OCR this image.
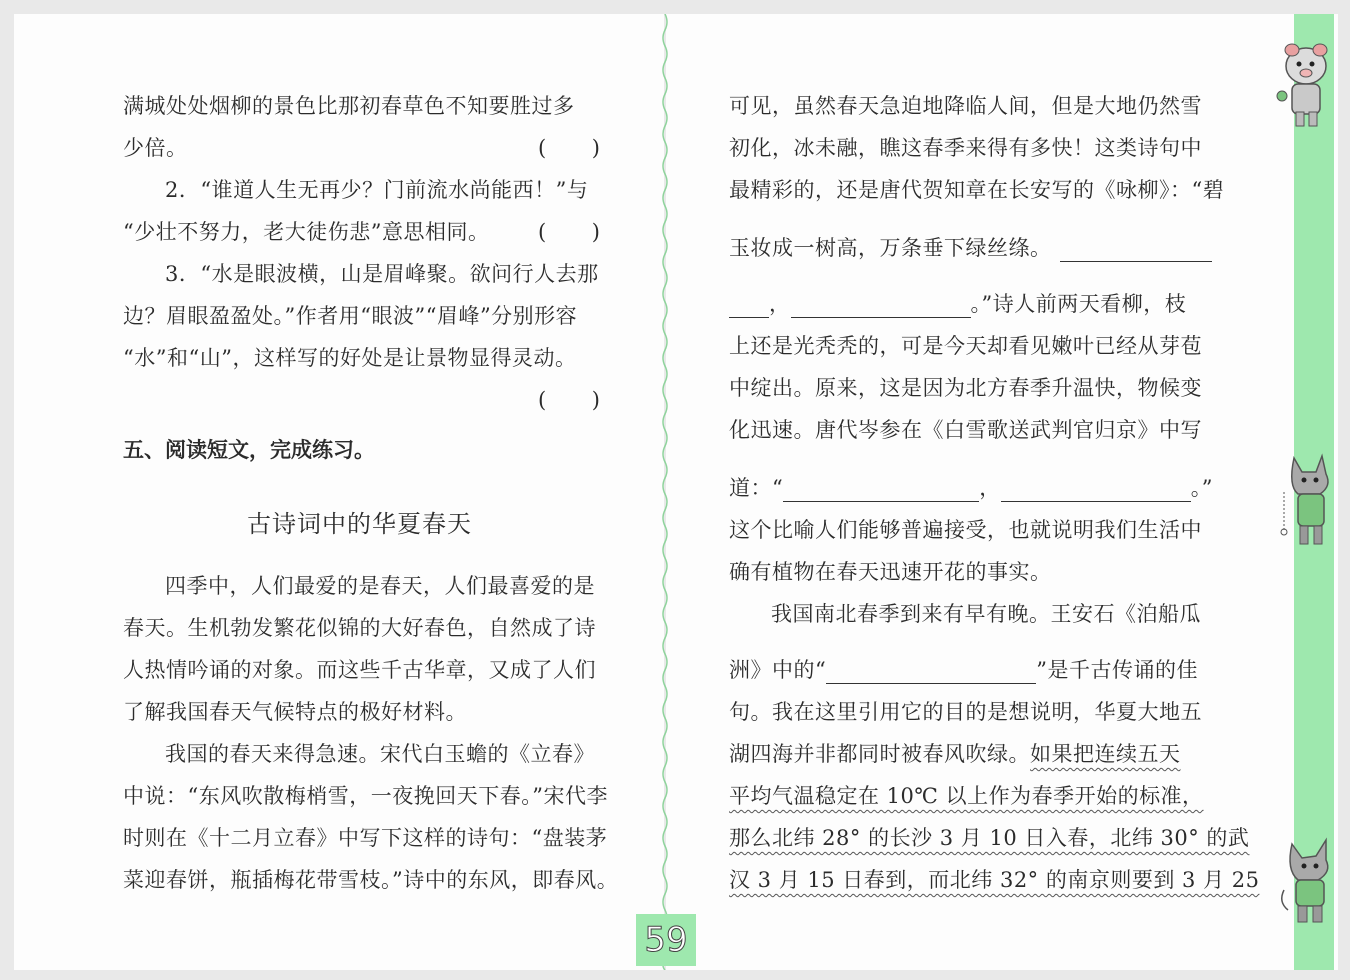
满城处处烟柳的景色比那初春草色不知要胜过多
少倍。	( )
2．“谁道人生无再少？门前流水尚能西！”与
“少壮不努力，老大徒伤悲”意思相同。	( )
3．“水是眼波横，山是眉峰聚。欲问行人去那
边？眉眼盈盈处。”作者用“眼波”“眉峰”分别形容
“水”和“山”，这样写的好处是让景物显得灵动。
( )
五、阅读短文，完成练习。
古诗词中的华夏春天
四季中，人们最爱的是春天，人们最喜爱的是
春天。生机勃发繁花似锦的大好春色，自然成了诗
人热情吟诵的对象。而这些千古华章，又成了人们
了解我国春天气候特点的极好材料。
我国的春天来得急速。宋代白玉蟾的《立春》
中说：“东风吹散梅梢雪，一夜挽回天下春。”宋代李
时则在《十二月立春》中写下这样的诗句：“盘装茅
菜迎春饼，瓶插梅花带雪枝。”诗中的东风，即春风。
可见，虽然春天急迫地降临人间，但是大地仍然雪
初化，冰未融，瞧这春季来得有多快！这类诗句中
最精彩的，还是唐代贺知章在长安写的《咏柳》：“碧
玉妆成一树高，万条垂下绿丝绦。
，	。”诗人前两天看柳，枝
上还是光秃秃的，可是今天却看见嫩叶已经从芽苞
中绽出。原来，这是因为北方春季升温快，物候变
化迅速。唐代岑参在《白雪歌送武判官归京》中写
道：“	，	。”
这个比喻人们能够普遍接受，也就说明我们生活中
确有植物在春天迅速开花的事实。
我国南北春季到来有早有晚。王安石《泊船瓜
洲》中的“	”是千古传诵的佳
句。我在这里引用它的目的是想说明，华夏大地五
湖四海并非都同时被春风吹绿。如果把连续五天
平均气温稳定在 10℃ 以上作为春季开始的标准，
那么北纬 28° 的长沙 3 月 10 日入春，北纬 30° 的武
汉 3 月 15 日春到，而北纬 32° 的南京则要到 3 月 25
59
